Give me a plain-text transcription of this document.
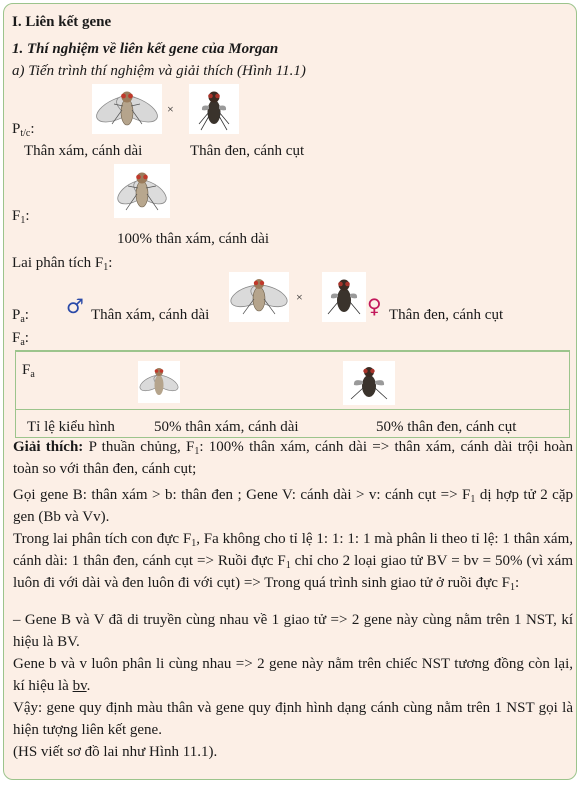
I. Liên kết gene
1. Thí nghiệm về liên kết gene của Morgan
a) Tiến trình thí nghiệm và giải thích (Hình 11.1)
$P_{t/c}$:
×
Thân xám, cánh dài	Thân đen, cánh cụt
$F_1$:
100% thân xám, cánh dài
Lai phân tích $F_1$:
$P_a$: ♂ Thân xám, cánh dài
×	♀ Thân đen, cánh cụt
$F_a$:
$F_a$
Tỉ lệ kiểu hình	50% thân xám, cánh dài	50% thân đen, cánh cụt
Giải thích: P thuần chủng, $F_1$: 100% thân xám, cánh dài => thân xám, cánh dài trội hoàn toàn so với thân đen, cánh cụt;
Gọi gene B: thân xám > b: thân đen ; Gene V: cánh dài > v: cánh cụt => $F_1$ dị hợp tử 2 cặp gen (Bb và Vv).
Trong lai phân tích con đực $F_1$, Fa không cho tỉ lệ 1: 1: 1: 1 mà phân li theo tỉ lệ: 1 thân xám, cánh dài: 1 thân đen, cánh cụt => Ruồi đực $F_1$ chỉ cho 2 loại giao tử BV = bv = 50% (vì xám luôn đi với dài và đen luôn đi với cụt) => Trong quá trình sinh giao tử ở ruồi đực $F_1$:
– Gene B và V đã di truyền cùng nhau về 1 giao tử => 2 gene này cùng nằm trên 1 NST, kí hiệu là BV.
Gene b và v luôn phân li cùng nhau => 2 gene này nằm trên chiếc NST tương đồng còn lại, kí hiệu là bv.
Vậy: gene quy định màu thân và gene quy định hình dạng cánh cùng nằm trên 1 NST gọi là hiện tượng liên kết gene.
(HS viết sơ đồ lai như Hình 11.1).
